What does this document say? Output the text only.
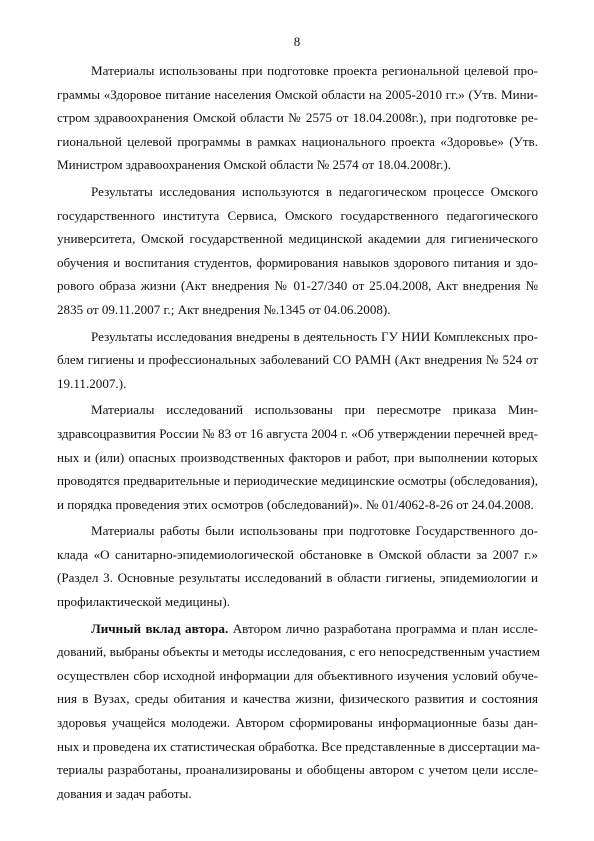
8

Материалы использованы при подготовке проекта региональной целевой про-
граммы «Здоровое питание населения Омской области на 2005-2010 гг.» (Утв. Мини-
стром здравоохранения Омской области № 2575 от 18.04.2008г.), при подготовке ре-
гиональной целевой программы в рамках национального проекта «Здоровье» (Утв.
Министром здравоохранения Омской области № 2574 от 18.04.2008г.).

Результаты исследования используются в педагогическом процессе Омского
государственного института Сервиса, Омского государственного педагогического
университета, Омской государственной медицинской академии для гигиенического
обучения и воспитания студентов, формирования навыков здорового питания и здо-
рового образа жизни (Акт внедрения № 01-27/340 от 25.04.2008, Акт внедрения №
2835 от 09.11.2007 г.; Акт внедрения №.1345 от 04.06.2008).

Результаты исследования внедрены в деятельность ГУ НИИ Комплексных про-
блем гигиены и профессиональных заболеваний СО РАМН (Акт внедрения № 524 от
19.11.2007.).

Материалы исследований использованы при пересмотре приказа Мин-
здравсоцразвития России № 83 от 16 августа 2004 г. «Об утверждении перечней вред-
ных и (или) опасных производственных факторов и работ, при выполнении которых
проводятся предварительные и периодические медицинские осмотры (обследования),
и порядка проведения этих осмотров (обследований)». № 01/4062-8-26 от 24.04.2008.

Материалы работы были использованы при подготовке Государственного до-
клада «О санитарно-эпидемиологической обстановке в Омской области за 2007 г.»
(Раздел 3. Основные результаты исследований в области гигиены, эпидемиологии и
профилактической медицины).

Личный вклад автора. Автором лично разработана программа и план иссле-
дований, выбраны объекты и методы исследования, с его непосредственным участием
осуществлен сбор исходной информации для объективного изучения условий обуче-
ния в Вузах, среды обитания и качества жизни, физического развития и состояния
здоровья учащейся молодежи. Автором сформированы информационные базы дан-
ных и проведена их статистическая обработка. Все представленные в диссертации ма-
териалы разработаны, проанализированы и обобщены автором с учетом цели иссле-
дования и задач работы.
